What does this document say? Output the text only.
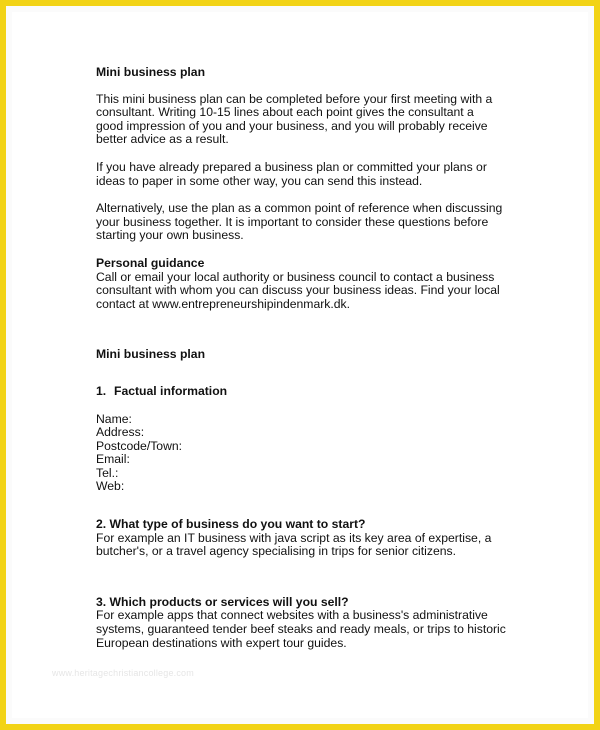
Mini business plan
This mini business plan can be completed before your first meeting with a
consultant. Writing 10-15 lines about each point gives the consultant a
good impression of you and your business, and you will probably receive
better advice as a result.
If you have already prepared a business plan or committed your plans or
ideas to paper in some other way, you can send this instead.
Alternatively, use the plan as a common point of reference when discussing
your business together. It is important to consider these questions before
starting your own business.
Personal guidance
Call or email your local authority or business council to contact a business
consultant with whom you can discuss your business ideas. Find your local
contact at www.entrepreneurshipindenmark.dk.
Mini business plan
1. Factual information
Name:
Address:
Postcode/Town:
Email:
Tel.:
Web:
2. What type of business do you want to start?
For example an IT business with java script as its key area of expertise, a
butcher's, or a travel agency specialising in trips for senior citizens.
3. Which products or services will you sell?
For example apps that connect websites with a business's administrative
systems, guaranteed tender beef steaks and ready meals, or trips to historic
European destinations with expert tour guides.
www.heritagechristiancollege.com
